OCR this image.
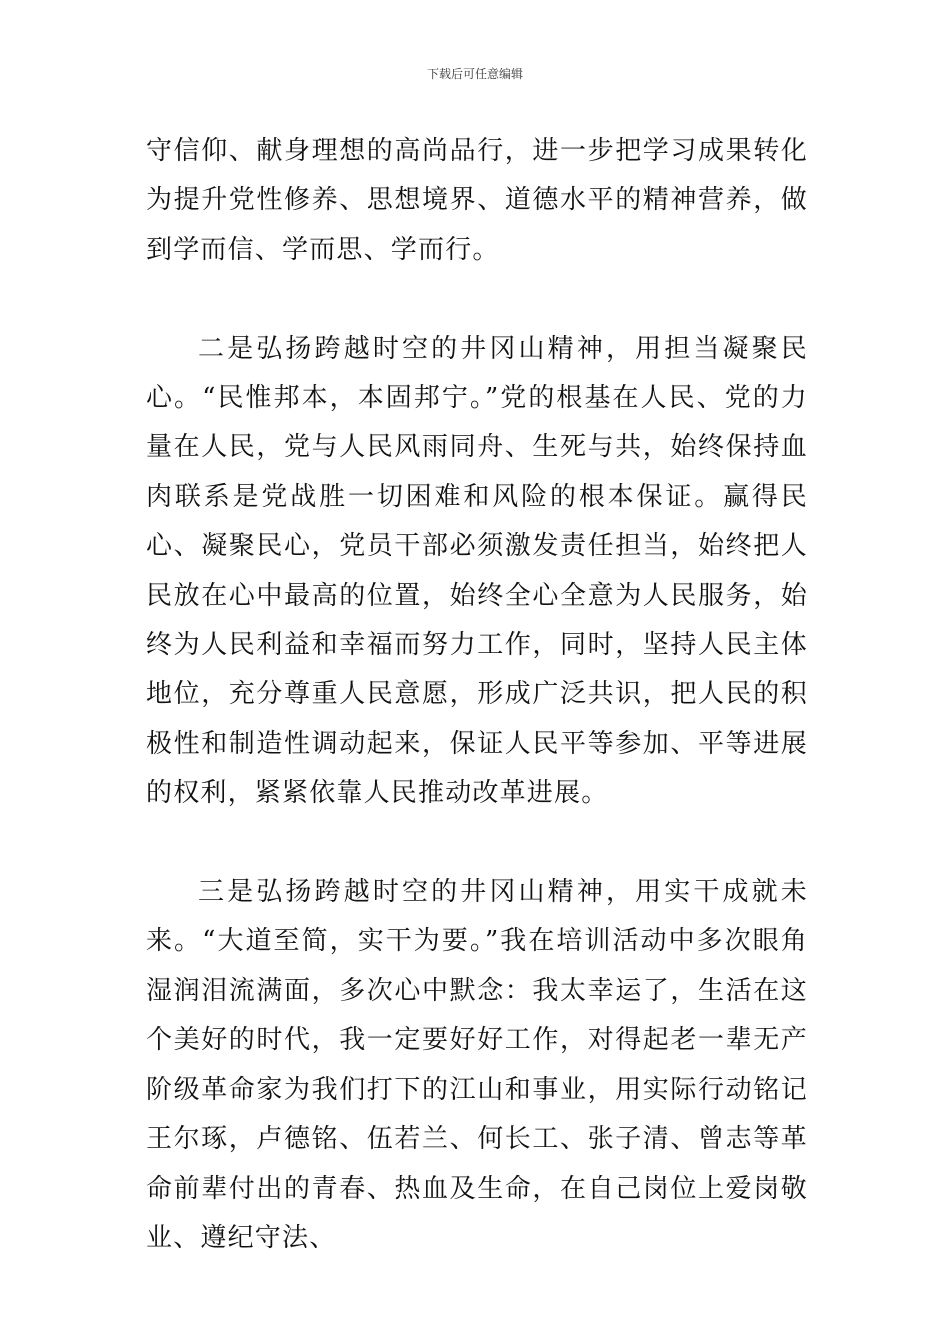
下载后可任意编辑

守信仰、献身理想的高尚品行，进一步把学习成果转化为提升党性修养、思想境界、道德水平的精神营养，做到学而信、学而思、学而行。

二是弘扬跨越时空的井冈山精神，用担当凝聚民心。“民惟邦本，本固邦宁。”党的根基在人民、党的力量在人民，党与人民风雨同舟、生死与共，始终保持血肉联系是党战胜一切困难和风险的根本保证。赢得民心、凝聚民心，党员干部必须激发责任担当，始终把人民放在心中最高的位置，始终全心全意为人民服务，始终为人民利益和幸福而努力工作，同时，坚持人民主体地位，充分尊重人民意愿，形成广泛共识，把人民的积极性和制造性调动起来，保证人民平等参加、平等进展的权利，紧紧依靠人民推动改革进展。

三是弘扬跨越时空的井冈山精神，用实干成就未来。“大道至简，实干为要。”我在培训活动中多次眼角湿润泪流满面，多次心中默念：我太幸运了，生活在这个美好的时代，我一定要好好工作，对得起老一辈无产阶级革命家为我们打下的江山和事业，用实际行动铭记王尔琢，卢德铭、伍若兰、何长工、张子清、曾志等革命前辈付出的青春、热血及生命，在自己岗位上爱岗敬业、遵纪守法、
